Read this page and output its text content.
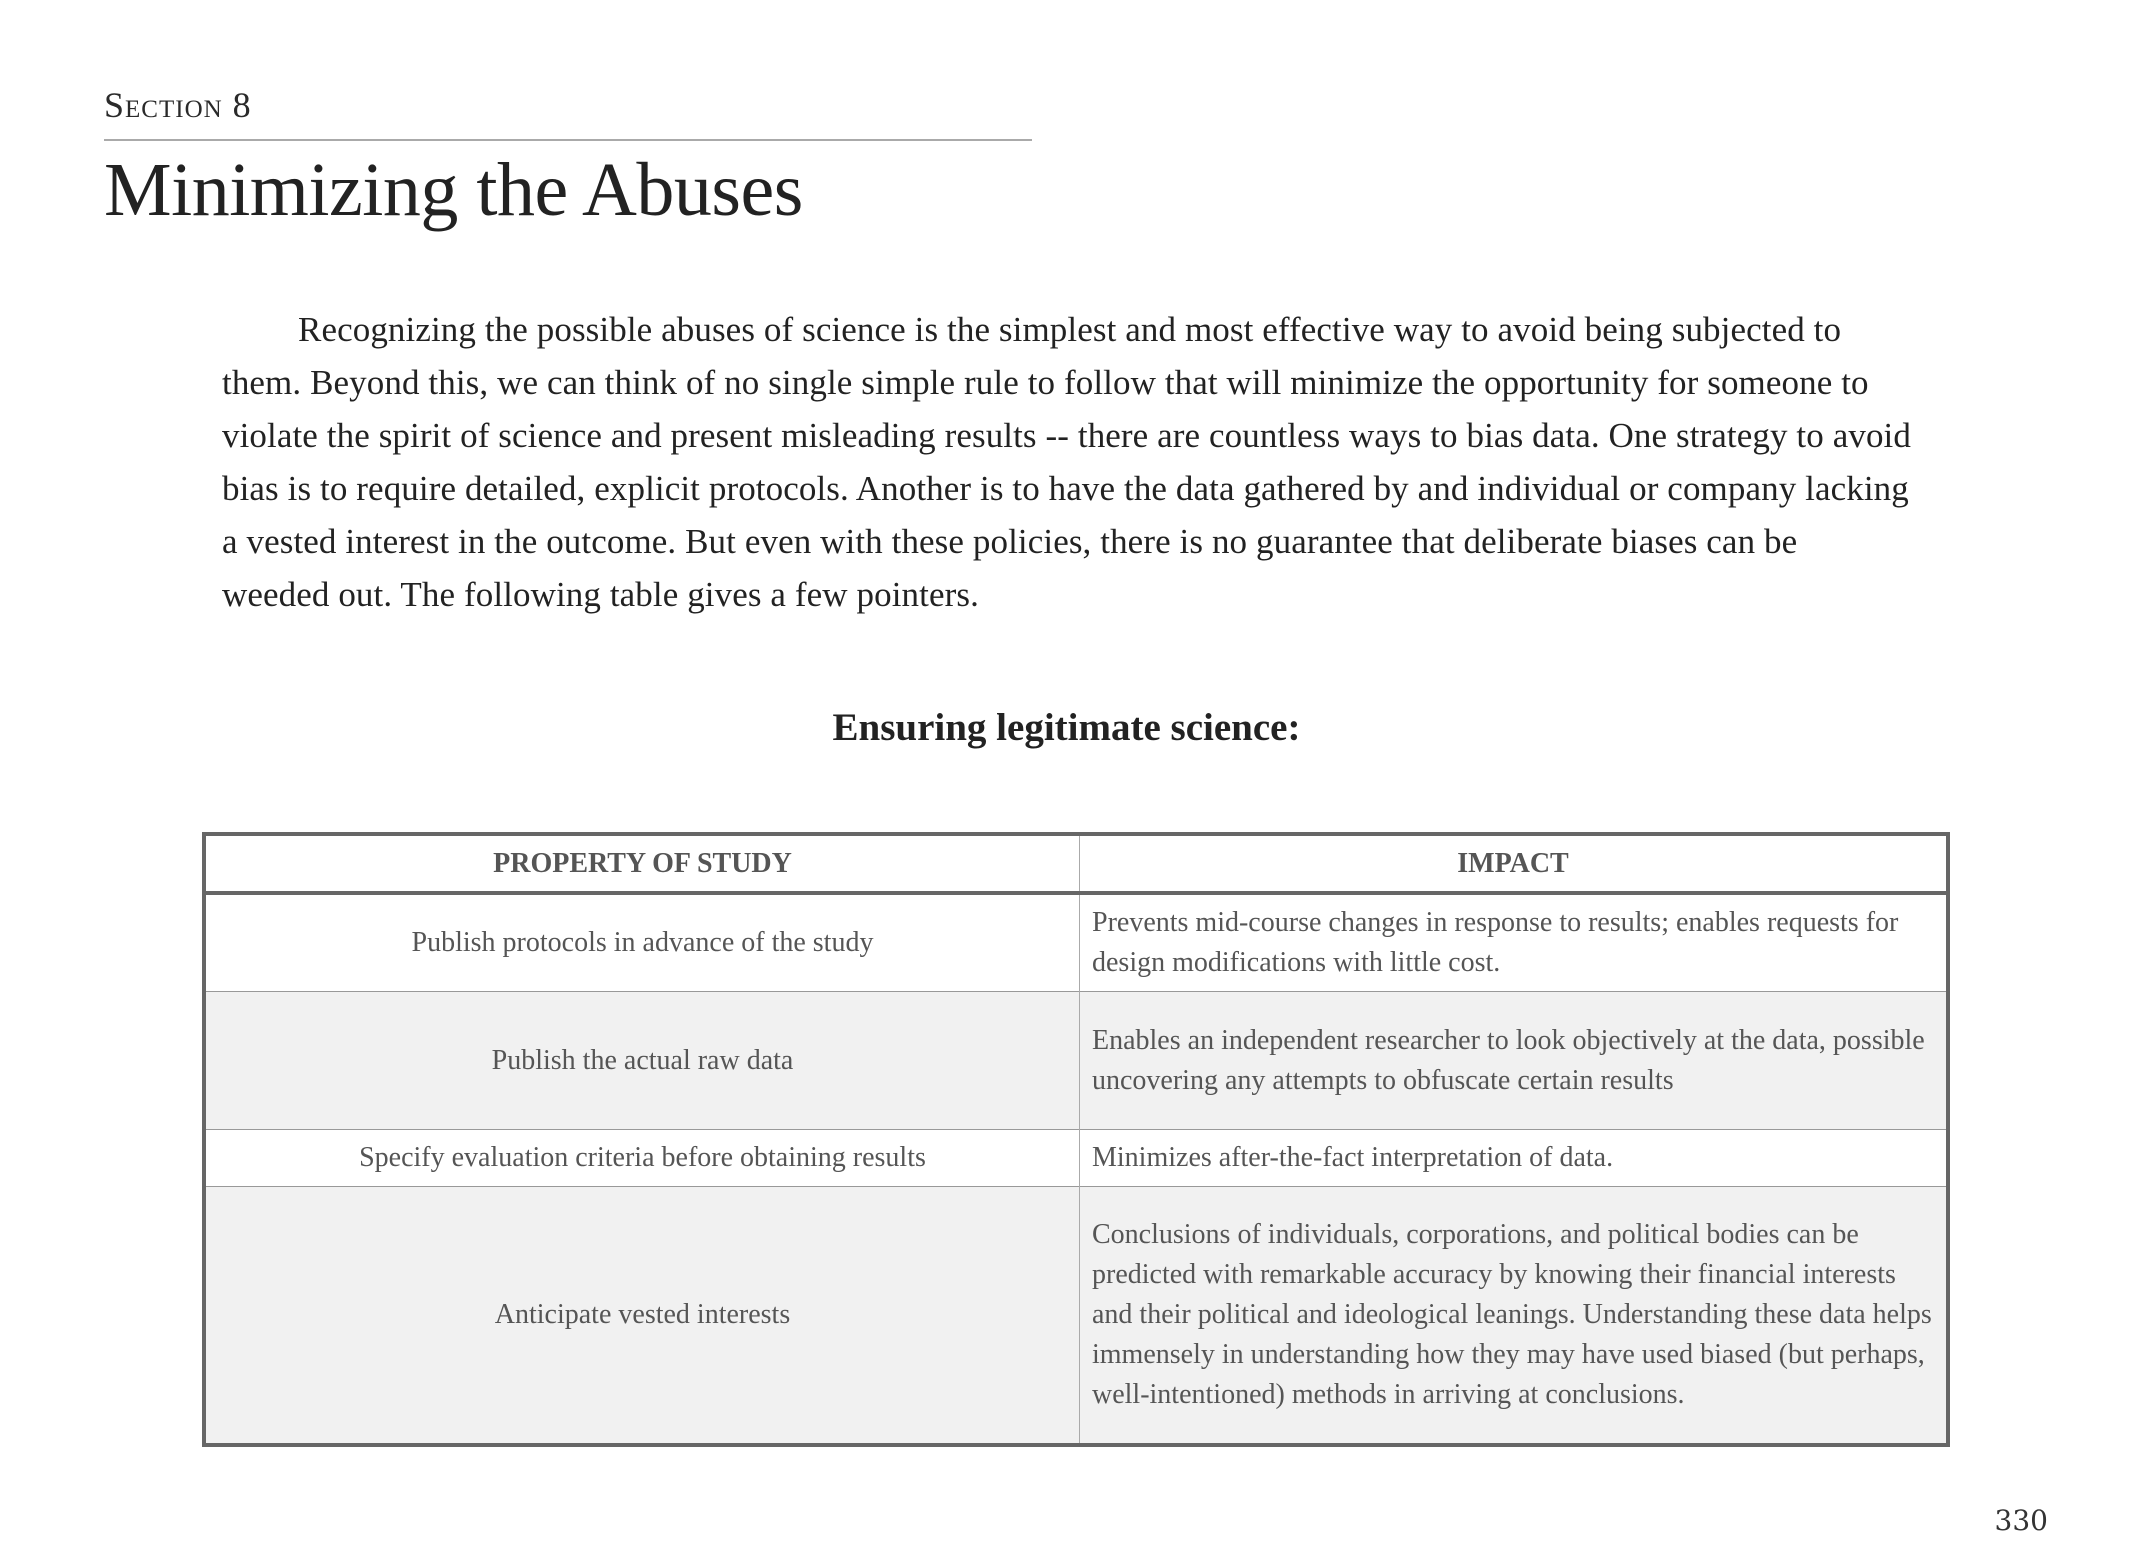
Section 8
Minimizing the Abuses

Recognizing the possible abuses of science is the simplest and most effective way to avoid being subjected to them. Beyond this, we can think of no single simple rule to follow that will minimize the opportunity for someone to violate the spirit of science and present misleading results -- there are countless ways to bias data. One strategy to avoid bias is to require detailed, explicit protocols. Another is to have the data gathered by and individual or company lacking a vested interest in the outcome. But even with these policies, there is no guarantee that deliberate biases can be weeded out. The following table gives a few pointers.

Ensuring legitimate science:
PROPERTY OF STUDY	IMPACT
Publish protocols in advance of the study	Prevents mid-course changes in response to results; enables requests for design modifications with little cost.
Publish the actual raw data	Enables an independent researcher to look objectively at the data, possible uncovering any attempts to obfuscate certain results
Specify evaluation criteria before obtaining results	Minimizes after-the-fact interpretation of data.
Anticipate vested interests	Conclusions of individuals, corporations, and political bodies can be predicted with remarkable accuracy by knowing their financial interests and their political and ideological leanings. Understanding these data helps immensely in understanding how they may have used biased (but perhaps, well-intentioned) methods in arriving at conclusions.
330
